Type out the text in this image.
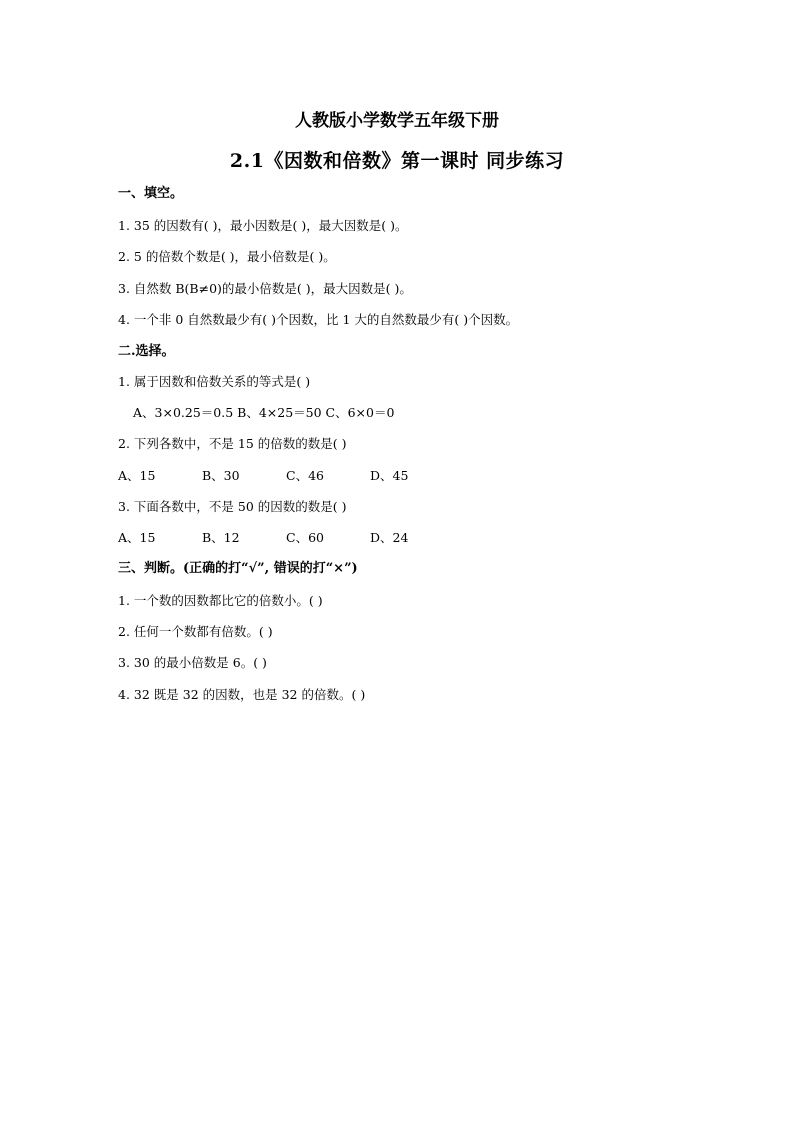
人教版小学数学五年级下册
2.1《因数和倍数》第一课时 同步练习
一、填空。
1. 35 的因数有( )，最小因数是( )，最大因数是( )。
2. 5 的倍数个数是( )，最小倍数是( )。
3. 自然数 B(B≠0)的最小倍数是( )，最大因数是( )。
4. 一个非 0 自然数最少有( )个因数，比 1 大的自然数最少有( )个因数。
二.选择。
1. 属于因数和倍数关系的等式是( )
A、3×0.25＝0.5 B、4×25＝50 C、6×0＝0
2. 下列各数中，不是 15 的倍数的数是( )
A、15	B、30	C、46	D、45
3. 下面各数中，不是 50 的因数的数是( )
A、15	B、12	C、60	D、24
三、判断。(正确的打“√”, 错误的打“×”)
1. 一个数的因数都比它的倍数小。( )
2. 任何一个数都有倍数。( )
3. 30 的最小倍数是 6。( )
4. 32 既是 32 的因数，也是 32 的倍数。( )
